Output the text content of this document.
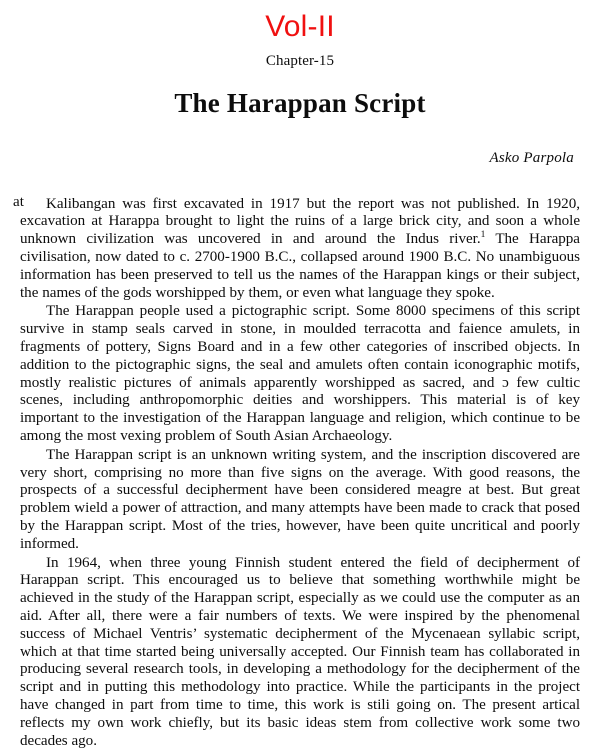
Vol-II
Chapter-15
The Harappan Script
Asko Parpola

Kalibangan was first excavated in 1917 but the report was not published. In 1920, excavation at Harappa brought to light the ruins of a large brick city, and soon a whole unknown civilization was uncovered in and around the Indus river.$^1$ The Harappa civilisation, now dated to c. 2700-1900 B.C., collapsed around 1900 B.C. No unambiguous information has been preserved to tell us the names of the Harappan kings or their subject, the names of the gods worshipped by them, or even what language they spoke.

The Harappan people used a pictographic script. Some 8000 specimens of this script survive in stamp seals carved in stone, in moulded terracotta and faience amulets, in fragments of pottery, Signs Board and in a few other categories of inscribed objects. In addition to the pictographic signs, the seal and amulets often contain iconographic motifs, mostly realistic pictures of animals apparently worshipped as sacred, and ɔ few cultic scenes, including anthropomorphic deities and worshippers. This material is of key important to the investigation of the Harappan language and religion, which continue to be among the most vexing problem of South Asian Archaeology.

The Harappan script is an unknown writing system, and the inscription discovered are very short, comprising no more than five signs on the average. With good reasons, the prospects of a successful decipherment have been considered meagre at best. But great problem wield a power of attraction, and many attempts have been made to crack that posed by the Harappan script. Most of the tries, however, have been quite uncritical and poorly informed.

In 1964, when three young Finnish student entered the field of decipherment of Harappan script. This encouraged us to believe that something worthwhile might be achieved in the study of the Harappan script, especially as we could use the computer as an aid. After all, there were a fair numbers of texts. We were inspired by the phenomenal success of Michael Ventris’ systematic decipherment of the Mycenaean syllabic script, which at that time started being universally accepted. Our Finnish team has collaborated in producing several research tools, in developing a methodology for the decipherment of the script and in putting this methodology into practice. While the participants in the project have changed in part from time to time, this work is stili going on. The present artical reflects my own work chiefly, but its basic ideas stem from collective work some two decades ago.

at
